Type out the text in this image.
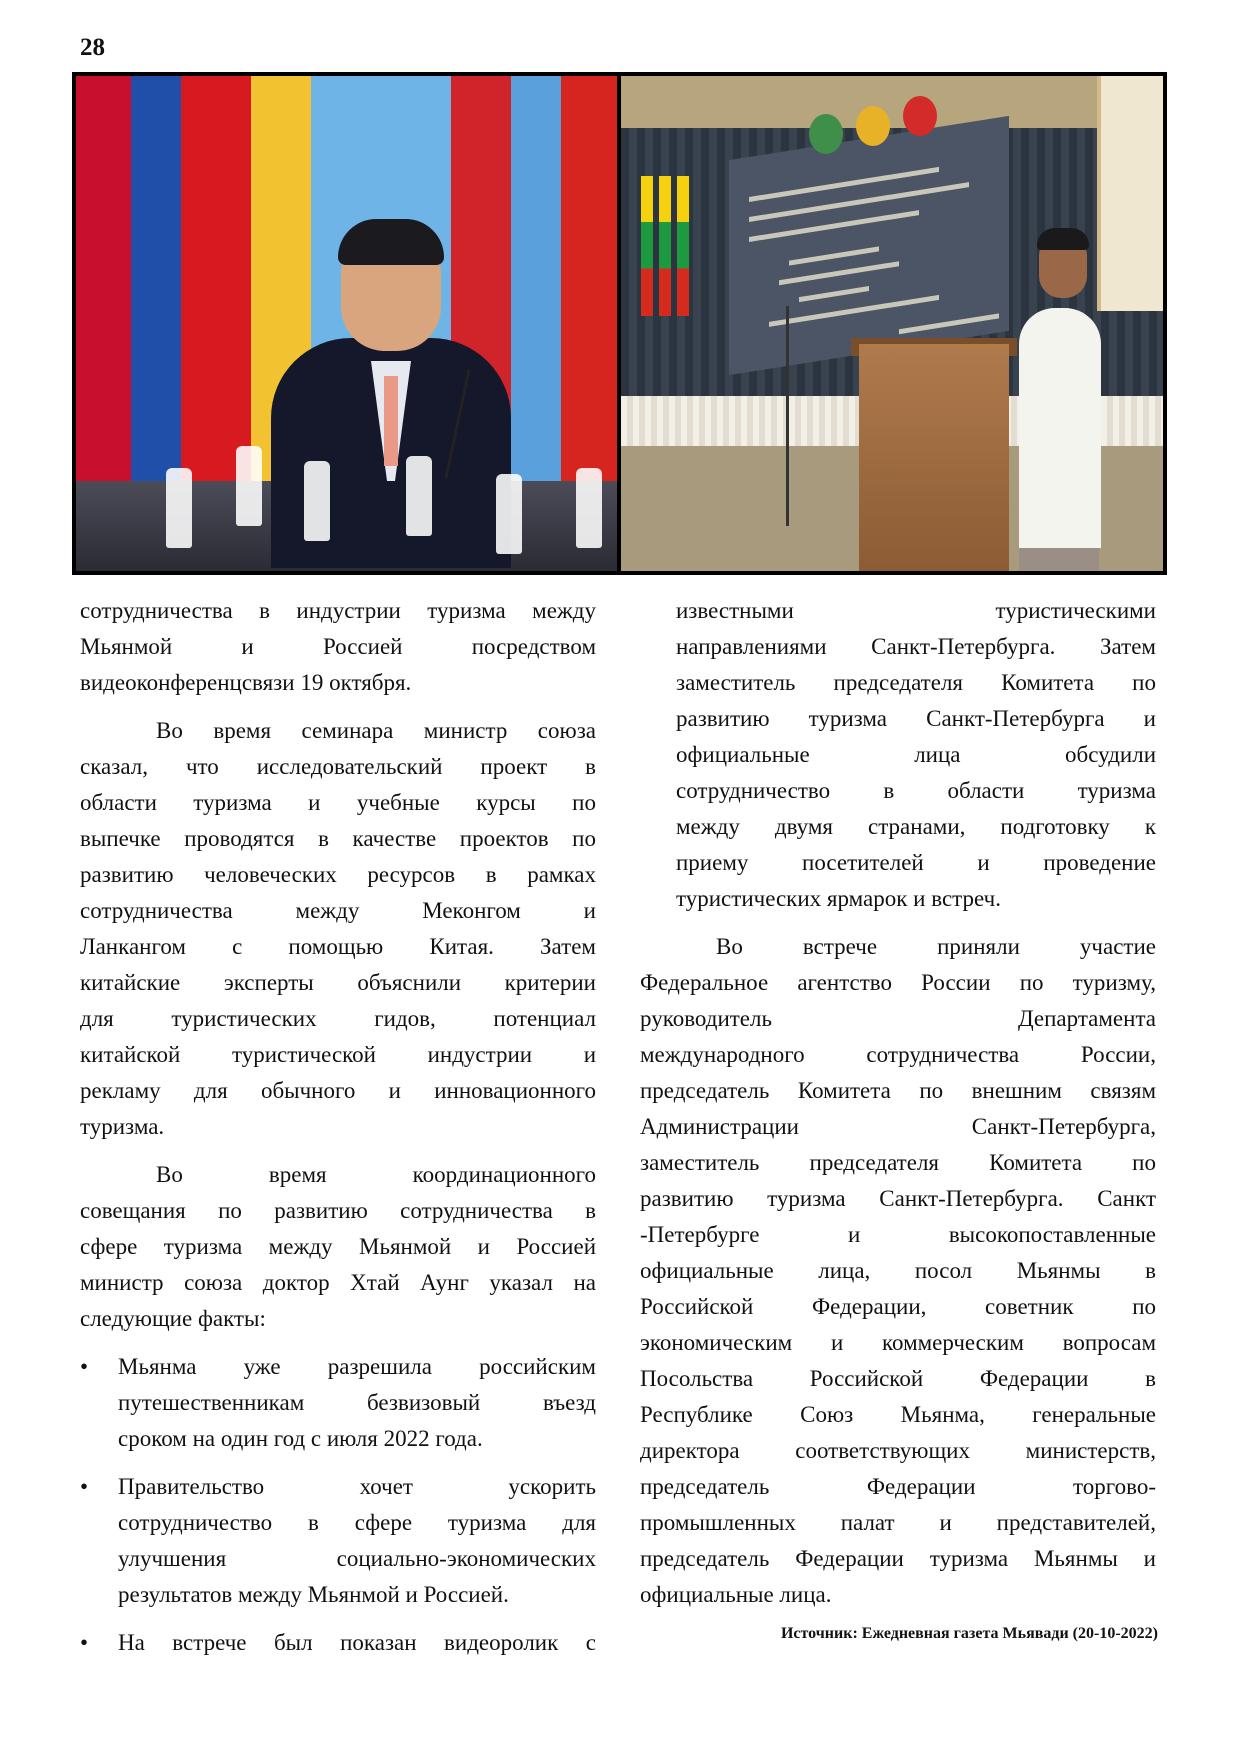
28
сотрудничества в индустрии туризма между
Мьянмой и Россией посредством
видеоконференцсвязи 19 октября.
Во время семинара министр союза
сказал, что исследовательский проект в
области туризма и учебные курсы по
выпечке проводятся в качестве проектов по
развитию человеческих ресурсов в рамках
сотрудничества между Меконгом и
Ланкангом с помощью Китая. Затем
китайские эксперты объяснили критерии
для туристических гидов, потенциал
китайской туристической индустрии и
рекламу для обычного и инновационного
туризма.
Во время координационного
совещания по развитию сотрудничества в
сфере туризма между Мьянмой и Россией
министр союза доктор Хтай Аунг указал на
следующие факты:
• Мьянма уже разрешила российским
путешественникам безвизовый въезд
сроком на один год с июля 2022 года.
• Правительство хочет ускорить
сотрудничество в сфере туризма для
улучшения социально-экономических
результатов между Мьянмой и Россией.
• На встрече был показан видеоролик с
известными туристическими
направлениями Санкт-Петербурга. Затем
заместитель председателя Комитета по
развитию туризма Санкт-Петербурга и
официальные лица обсудили
сотрудничество в области туризма
между двумя странами, подготовку к
приему посетителей и проведение
туристических ярмарок и встреч.
Во встрече приняли участие
Федеральное агентство России по туризму,
руководитель Департамента
международного сотрудничества России,
председатель Комитета по внешним связям
Администрации Санкт-Петербурга,
заместитель председателя Комитета по
развитию туризма Санкт-Петербурга. Санкт
-Петербурге и высокопоставленные
официальные лица, посол Мьянмы в
Российской Федерации, советник по
экономическим и коммерческим вопросам
Посольства Российской Федерации в
Республике Союз Мьянма, генеральные
директора соответствующих министерств,
председатель Федерации торгово-
промышленных палат и представителей,
председатель Федерации туризма Мьянмы и
официальные лица.
Источник: Ежедневная газета Мьявади (20-10-2022)
